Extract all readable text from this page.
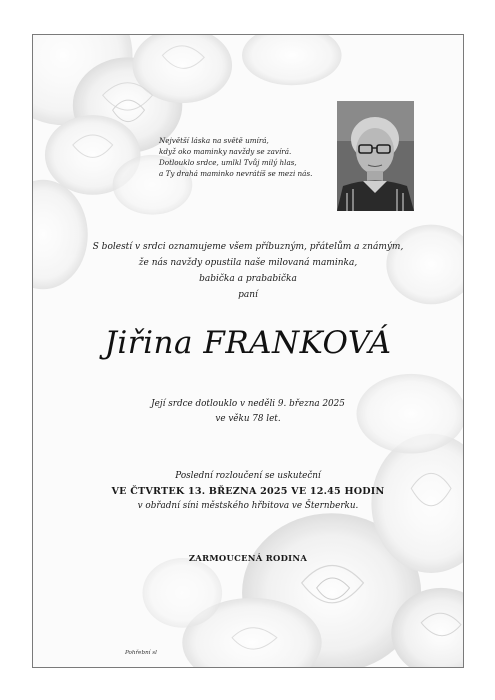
Největší láska na světě umírá,
když oko maminky navždy se zavírá.
Dotlouklo srdce, umlkl Tvůj milý hlas,
a Ty drahá maminko nevrátíš se mezi nás.
S bolestí v srdci oznamujeme všem příbuzným, přátelům a známým,
že nás navždy opustila naše milovaná maminka,
babička a prababička
paní
Jiřina FRANKOVÁ
Její srdce dotlouklo v neděli 9. března 2025
ve věku 78 let.
Poslední rozloučení se uskuteční
VE ČTVRTEK 13. BŘEZNA 2025 VE 12.45 HODIN
v obřadní síni městského hřbitova ve Šternberku.
ZARMOUCENÁ RODINA
Pohřební sl
